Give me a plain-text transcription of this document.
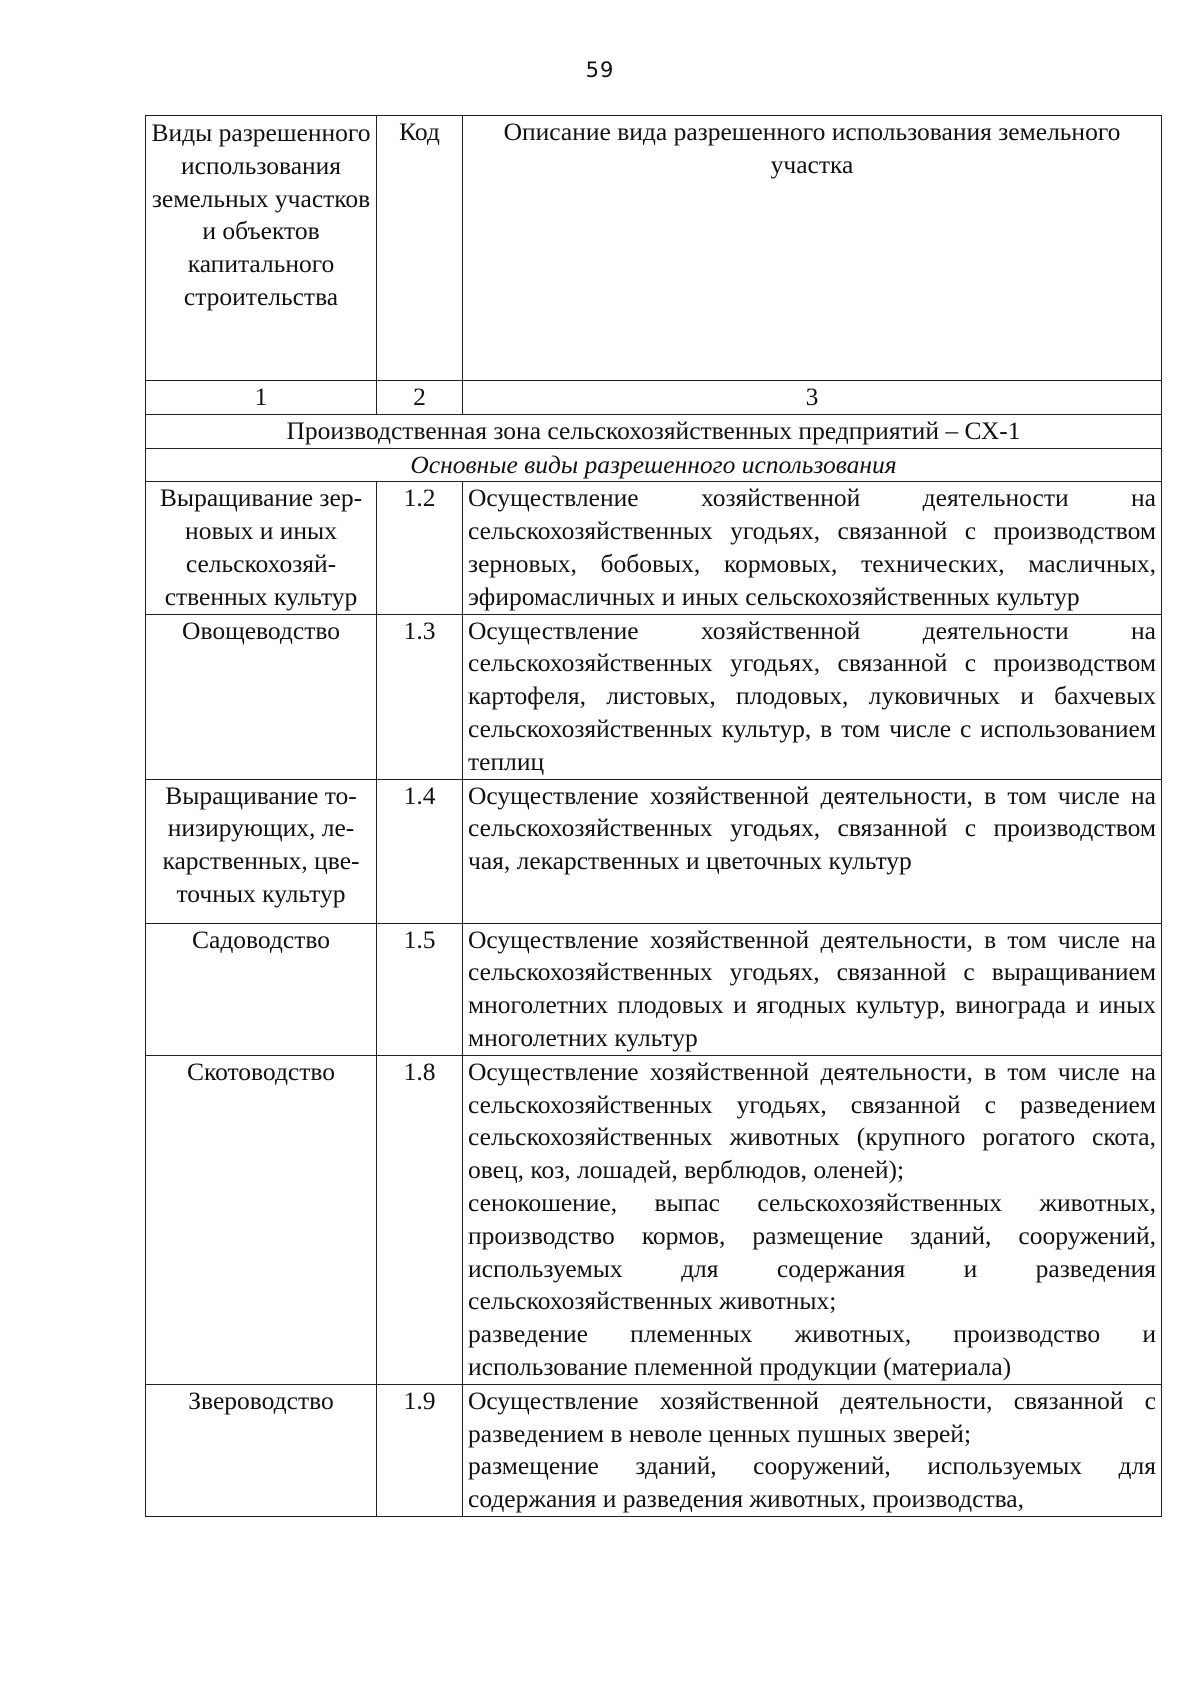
59
Виды разрешенного использования земельных участков и объектов капитального строительства	Код	Описание вида разрешенного использования земельного участка
1	2	3
Производственная зона сельскохозяйственных предприятий – СХ-1		
Основные виды разрешенного использования		
Выращивание зерновых и иных сельскохозяйственных культур	1.2	Осуществление хозяйственной деятельности на сельскохозяйственных угодьях, связанной с производством зерновых, бобовых, кормовых, технических, масличных, эфиромасличных и иных сельскохозяйственных культур

Овощеводство	1.3	Осуществление хозяйственной деятельности на сельскохозяйственных угодьях, связанной с производством картофеля, листовых, плодовых, луковичных и бахчевых сельскохозяйственных культур, в том числе с использованием теплиц

Выращивание тонизирующих, лекарственных, цветочных культур	1.4	Осуществление хозяйственной деятельности, в том числе на сельскохозяйственных угодьях, связанной с производством чая, лекарственных и цветочных культур

Садоводство	1.5	Осуществление хозяйственной деятельности, в том числе на сельскохозяйственных угодьях, связанной с выращиванием многолетних плодовых и ягодных культур, винограда и иных многолетних культур

Скотоводство	1.8	Осуществление хозяйственной деятельности, в том числе на сельскохозяйственных угодьях, связанной с разведением сельскохозяйственных животных (крупного рогатого скота, овец, коз, лошадей, верблюдов, оленей);
сенокошение, выпас сельскохозяйственных животных, производство кормов, размещение зданий, сооружений, используемых для содержания и разведения сельскохозяйственных животных;
разведение племенных животных, производство и использование племенной продукции (материала)

Звероводство	1.9	Осуществление хозяйственной деятельности, связанной с разведением в неволе ценных пушных зверей;
размещение зданий, сооружений, используемых для содержания и разведения животных, производства,
